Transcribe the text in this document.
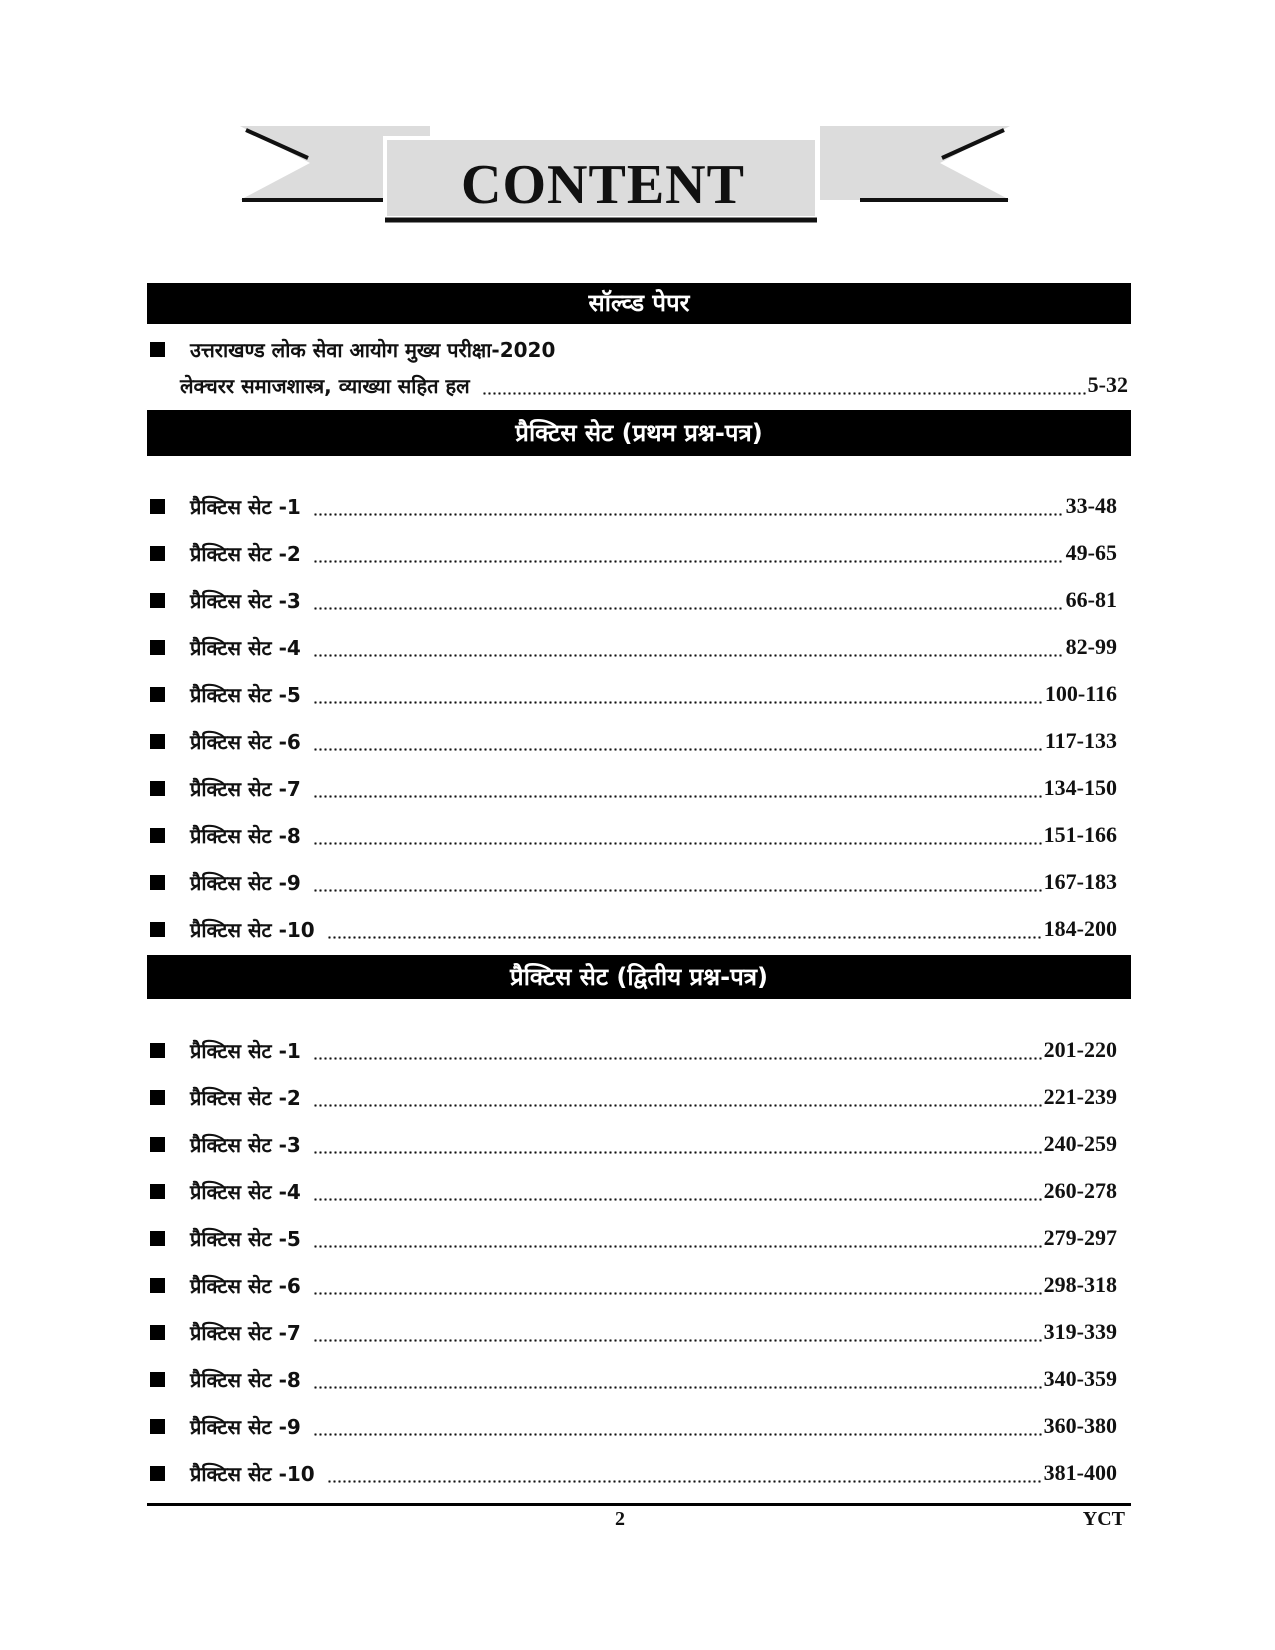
CONTENT
सॉल्व्ड पेपर
उत्तराखण्ड लोक सेवा आयोग मुख्य परीक्षा-2020
लेक्चरर समाजशास्त्र, व्याख्या सहित हल	5-32
प्रैक्टिस सेट (प्रथम प्रश्न-पत्र)
प्रैक्टिस सेट -1	33-48
प्रैक्टिस सेट -2	49-65
प्रैक्टिस सेट -3	66-81
प्रैक्टिस सेट -4	82-99
प्रैक्टिस सेट -5	100-116
प्रैक्टिस सेट -6	117-133
प्रैक्टिस सेट -7	134-150
प्रैक्टिस सेट -8	151-166
प्रैक्टिस सेट -9	167-183
प्रैक्टिस सेट -10	184-200
प्रैक्टिस सेट (द्वितीय प्रश्न-पत्र)
प्रैक्टिस सेट -1	201-220
प्रैक्टिस सेट -2	221-239
प्रैक्टिस सेट -3	240-259
प्रैक्टिस सेट -4	260-278
प्रैक्टिस सेट -5	279-297
प्रैक्टिस सेट -6	298-318
प्रैक्टिस सेट -7	319-339
प्रैक्टिस सेट -8	340-359
प्रैक्टिस सेट -9	360-380
प्रैक्टिस सेट -10	381-400
2	YCT
